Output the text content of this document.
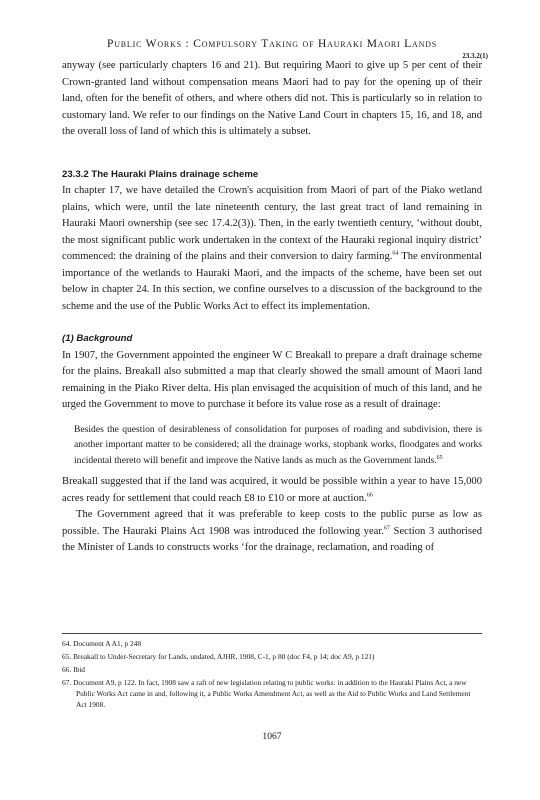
Public Works : Compulsory Taking of Hauraki Maori Lands
23.3.2(1)

anyway (see particularly chapters 16 and 21). But requiring Maori to give up 5 per cent of their Crown-granted land without compensation means Maori had to pay for the opening up of their land, often for the benefit of others, and where others did not. This is particularly so in relation to customary land. We refer to our findings on the Native Land Court in chapters 15, 16, and 18, and the overall loss of land of which this is ultimately a subset.

23.3.2 The Hauraki Plains drainage scheme

In chapter 17, we have detailed the Crown's acquisition from Maori of part of the Piako wetland plains, which were, until the late nineteenth century, the last great tract of land remaining in Hauraki Maori ownership (see sec 17.4.2(3)). Then, in the early twentieth century, ‘without doubt, the most significant public work undertaken in the context of the Hauraki regional inquiry district’ commenced: the draining of the plains and their conversion to dairy farming.$^{64}$ The environmental importance of the wetlands to Hauraki Maori, and the impacts of the scheme, have been set out below in chapter 24. In this section, we confine ourselves to a discussion of the background to the scheme and the use of the Public Works Act to effect its implementation.

(1) Background

In 1907, the Government appointed the engineer W C Breakall to prepare a draft drainage scheme for the plains. Breakall also submitted a map that clearly showed the small amount of Maori land remaining in the Piako River delta. His plan envisaged the acquisition of much of this land, and he urged the Government to move to purchase it before its value rose as a result of drainage:

Besides the question of desirableness of consolidation for purposes of roading and subdivision, there is another important matter to be considered; all the drainage works, stopbank works, floodgates and works incidental thereto will benefit and improve the Native lands as much as the Government lands.$^{65}$

Breakall suggested that if the land was acquired, it would be possible within a year to have 15,000 acres ready for settlement that could reach £8 to £10 or more at auction.$^{66}$

The Government agreed that it was preferable to keep costs to the public purse as low as possible. The Hauraki Plains Act 1908 was introduced the following year.$^{67}$ Section 3 authorised the Minister of Lands to constructs works ‘for the drainage, reclamation, and roading of

64. Document A A1, p 248

65. Breakall to Under-Secretary for Lands, undated, AJHR, 1908, C-1, p 80 (doc F4, p 14; doc A9, p 121)

66. Ibid

67. Document A9, p 122. In fact, 1908 saw a raft of new legislation relating to public works: in addition to the Hauraki Plains Act, a new Public Works Act came in and, following it, a Public Works Amendment Act, as well as the Aid to Public Works and Land Settlement Act 1908.

1067
